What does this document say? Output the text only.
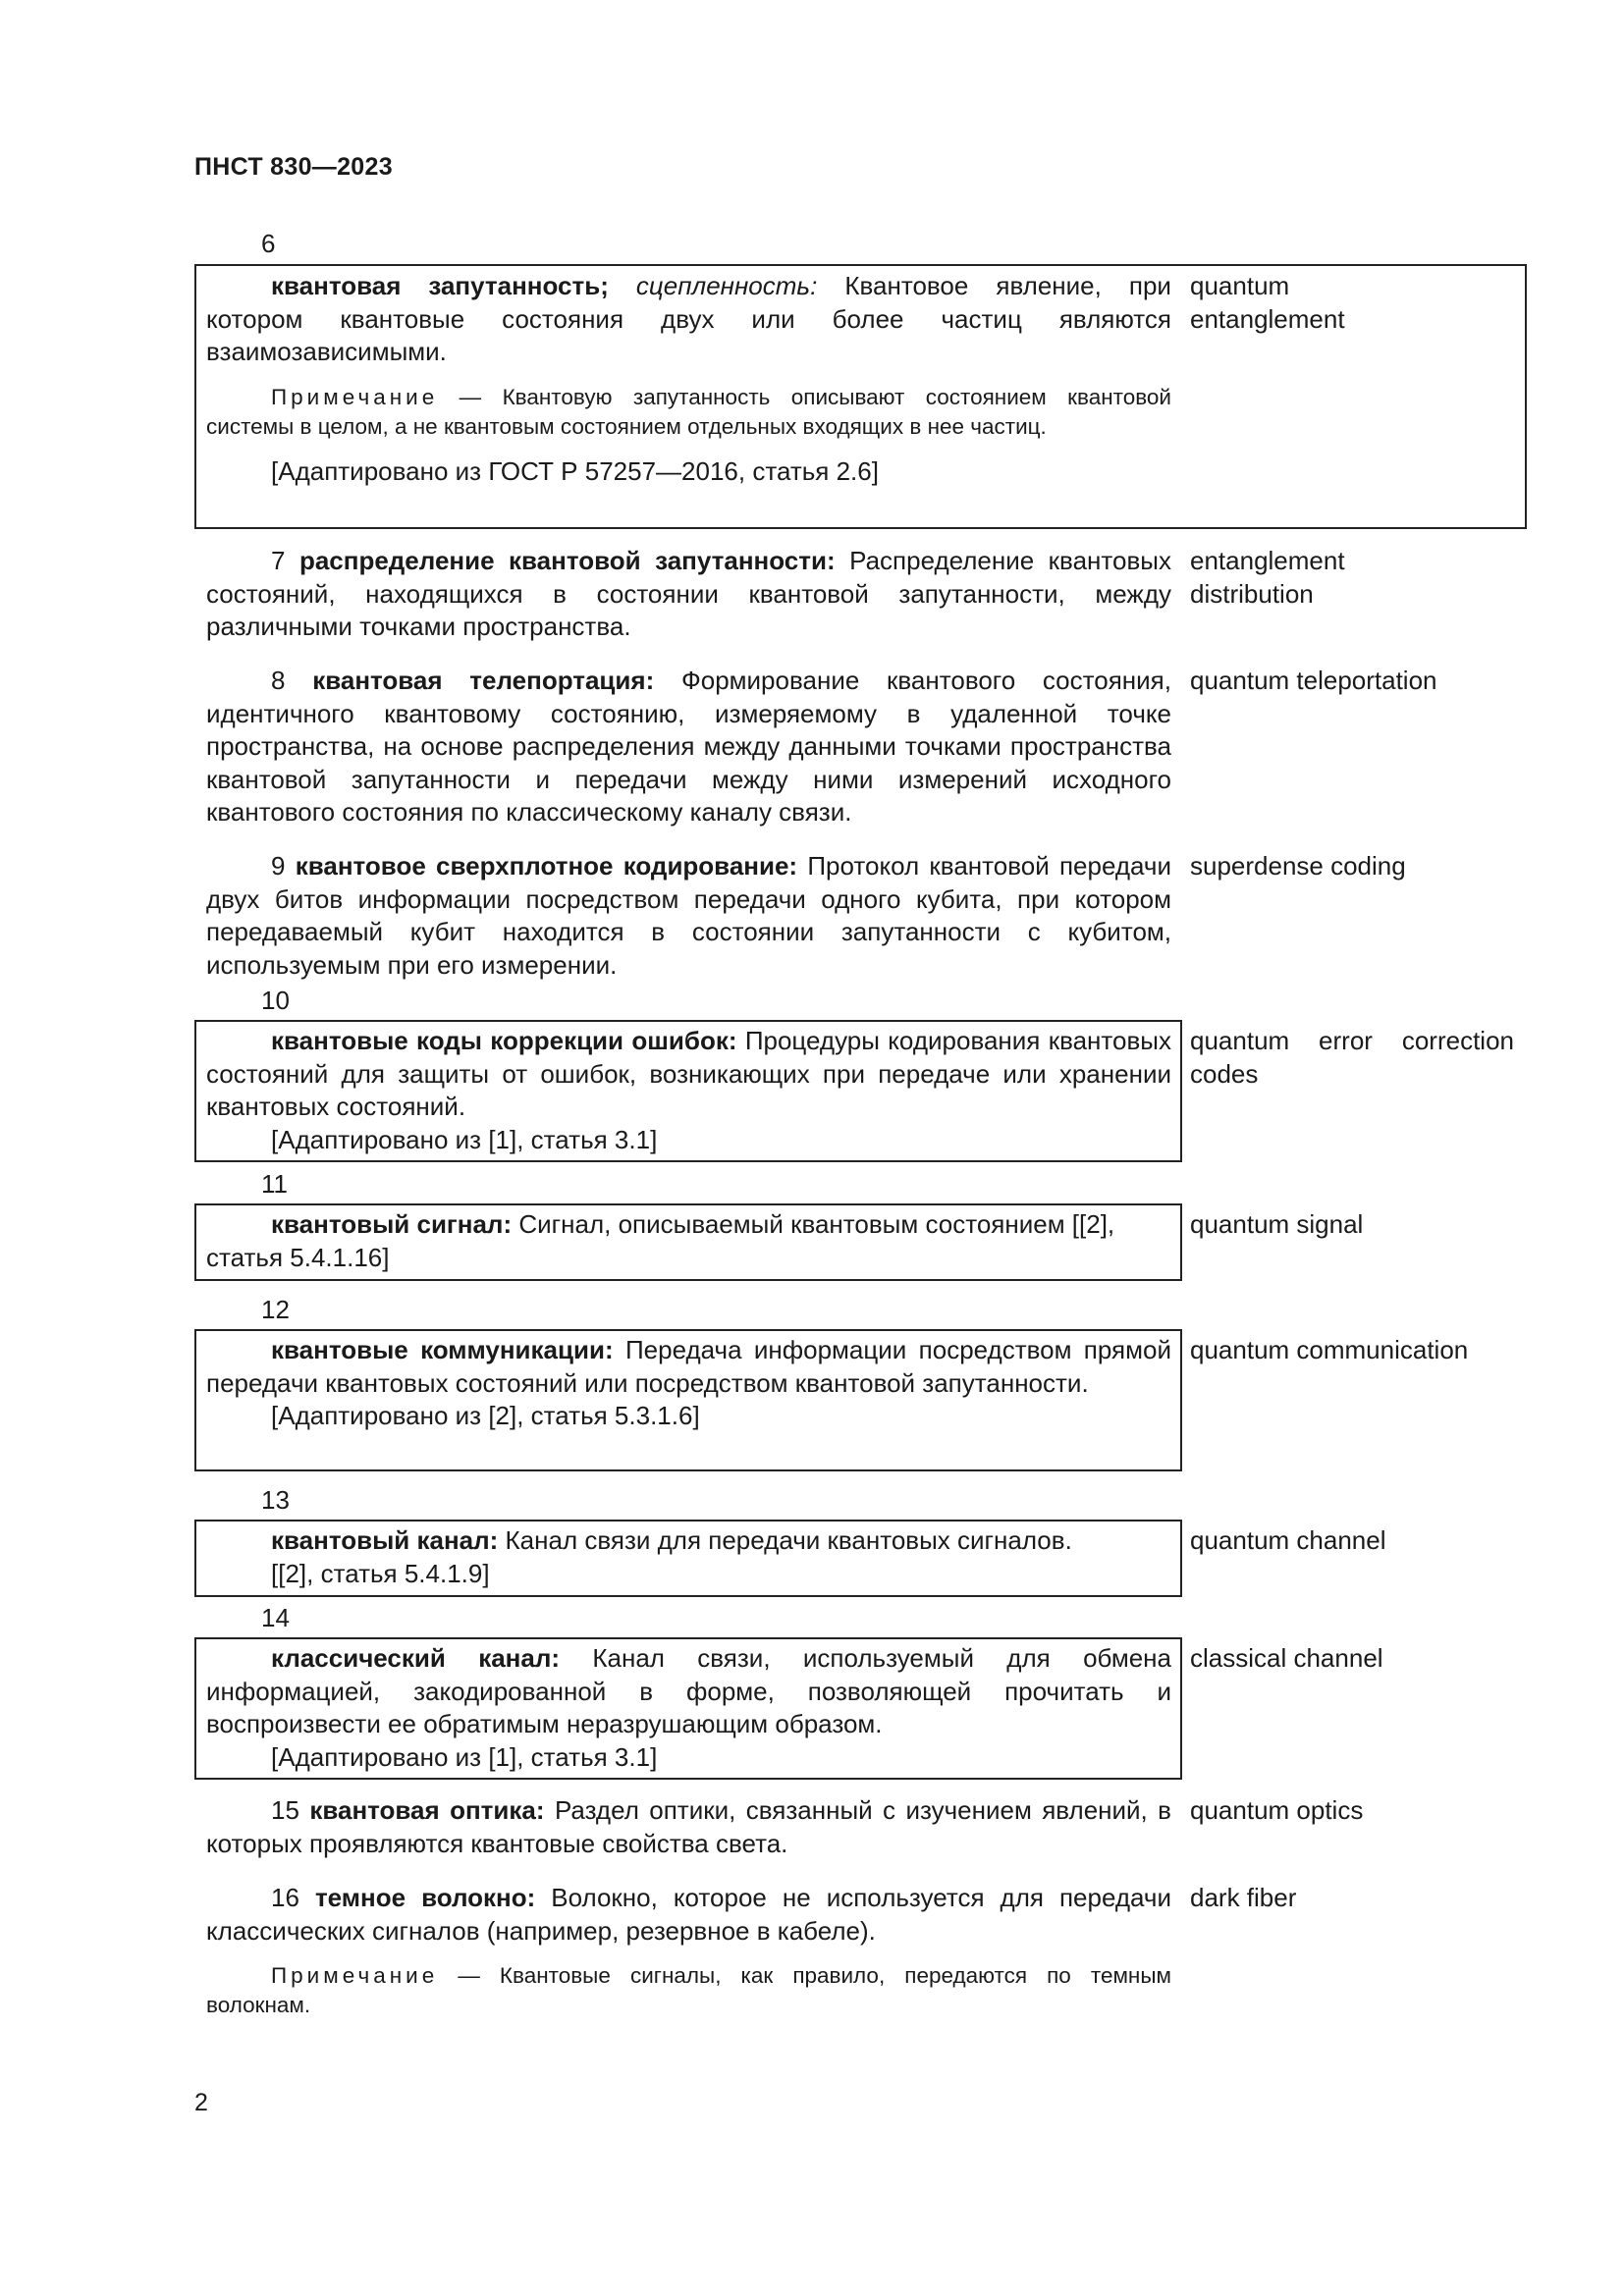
ПНСТ 830—2023
6

квантовая запутанность; сцепленность: Квантовое явление, при котором квантовые состояния двух или более частиц являются взаимозависимыми.

Примечание — Квантовую запутанность описывают состоянием квантовой системы в целом, а не квантовым состоянием отдельных входящих в нее частиц.

[Адаптировано из ГОСТ Р 57257—2016, статья 2.6]

quantum entanglement

7 распределение квантовой запутанности: Распределение квантовых состояний, находящихся в состоянии квантовой запутанности, между различными точками пространства.

entanglement distribution

8 квантовая телепортация: Формирование квантового состояния, идентичного квантовому состоянию, измеряемому в удаленной точке пространства, на основе распределения между данными точками пространства квантовой запутанности и передачи между ними измерений исходного квантового состояния по классическому каналу связи.

quantum teleportation

9 квантовое сверхплотное кодирование: Протокол квантовой передачи двух битов информации посредством передачи одного кубита, при котором передаваемый кубит находится в состоянии запутанности с кубитом, используемым при его измерении.

superdense coding
10

квантовые коды коррекции ошибок: Процедуры кодирования квантовых состояний для защиты от ошибок, возникающих при передаче или хранении квантовых состояний.

[Адаптировано из [1], статья 3.1]

quantum error correction codes
11

квантовый сигнал: Сигнал, описываемый квантовым состоянием [[2], статья 5.4.1.16]

quantum signal
12

квантовые коммуникации: Передача информации посредством прямой передачи квантовых состояний или посредством квантовой запутанности.

[Адаптировано из [2], статья 5.3.1.6]

quantum communication
13

квантовый канал: Канал связи для передачи квантовых сигналов.

[[2], статья 5.4.1.9]

quantum channel
14

классический канал: Канал связи, используемый для обмена информацией, закодированной в форме, позволяющей прочитать и воспроизвести ее обратимым неразрушающим образом.

[Адаптировано из [1], статья 3.1]

classical channel

15 квантовая оптика: Раздел оптики, связанный с изучением явлений, в которых проявляются квантовые свойства света.

quantum optics

16 темное волокно: Волокно, которое не используется для передачи классических сигналов (например, резервное в кабеле).

Примечание — Квантовые сигналы, как правило, передаются по темным волокнам.

dark fiber
2
